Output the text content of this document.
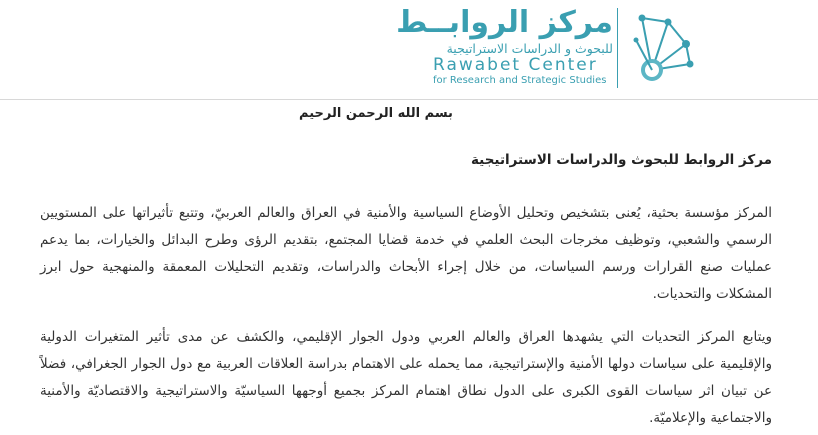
مركز الروابــط
للبحوث و الدراسات الاستراتيجية
Rawabet Center
for Research and Strategic Studies
بسم الله الرحمن الرحيم
مركز الروابط للبحوث والدراسات الاستراتيجية
المركز مؤسسة بحثية، يُعنى بتشخيص وتحليل الأوضاع السياسية والأمنية في العراق والعالم العربيّ، وتتبع تأثيراتها على المستويين الرسمي والشعبي، وتوظيف مخرجات البحث العلمي في خدمة قضايا المجتمع، بتقديم الرؤى وطرح البدائل والخيارات، بما يدعم عمليات صنع القرارات ورسم السياسات، من خلال إجراء الأبحاث والدراسات، وتقديم التحليلات المعمقة والمنهجية حول ابرز المشكلات والتحديات.
ويتابع المركز التحديات التي يشهدها العراق والعالم العربي ودول الجوار الإقليمي، والكشف عن مدى تأثير المتغيرات الدولية والإقليمية على سياسات دولها الأمنية والإستراتيجية، مما يحمله على الاهتمام بدراسة العلاقات العربية مع دول الجوار الجغرافي، فضلاً عن تبيان اثر سياسات القوى الكبرى على الدول نطاق اهتمام المركز بجميع أوجهها السياسيّة والاستراتيجية والاقتصاديّة والأمنية والاجتماعية والإعلاميّة.
